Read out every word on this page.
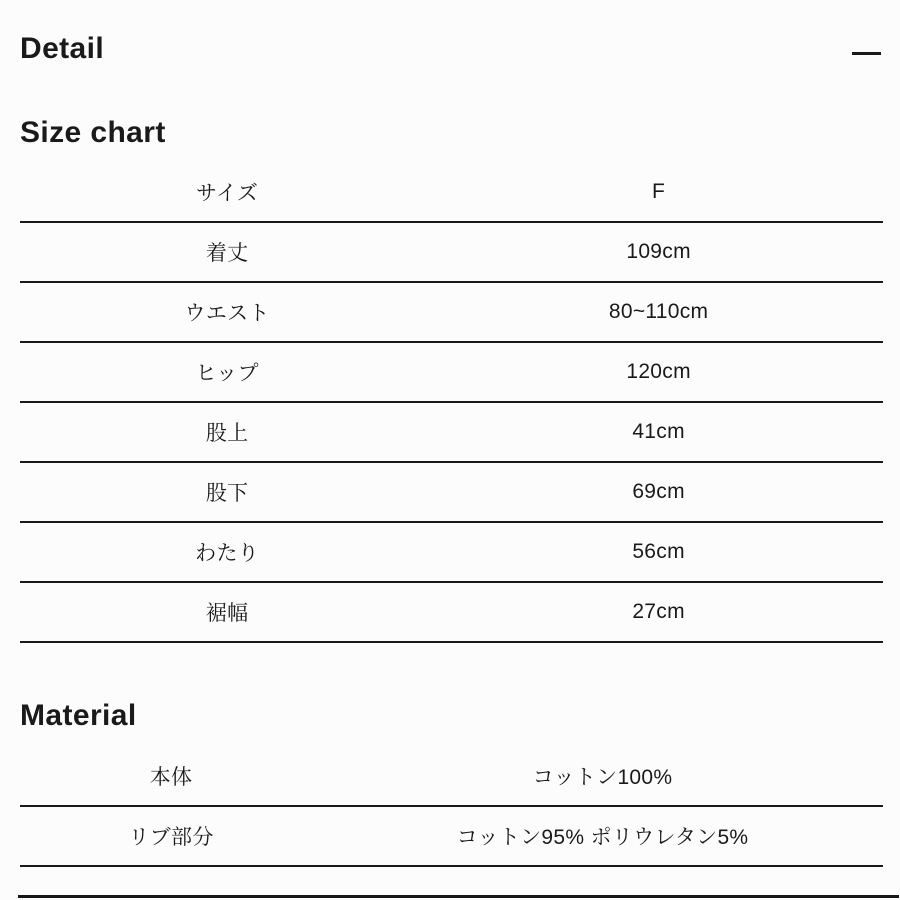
Detail
Size chart
サイズ	F
着丈	109cm
ウエスト	80~110cm
ヒップ	120cm
股上	41cm
股下	69cm
わたり	56cm
裾幅	27cm
Material
本体	コットン100%
リブ部分	コットン95% ポリウレタン5%
